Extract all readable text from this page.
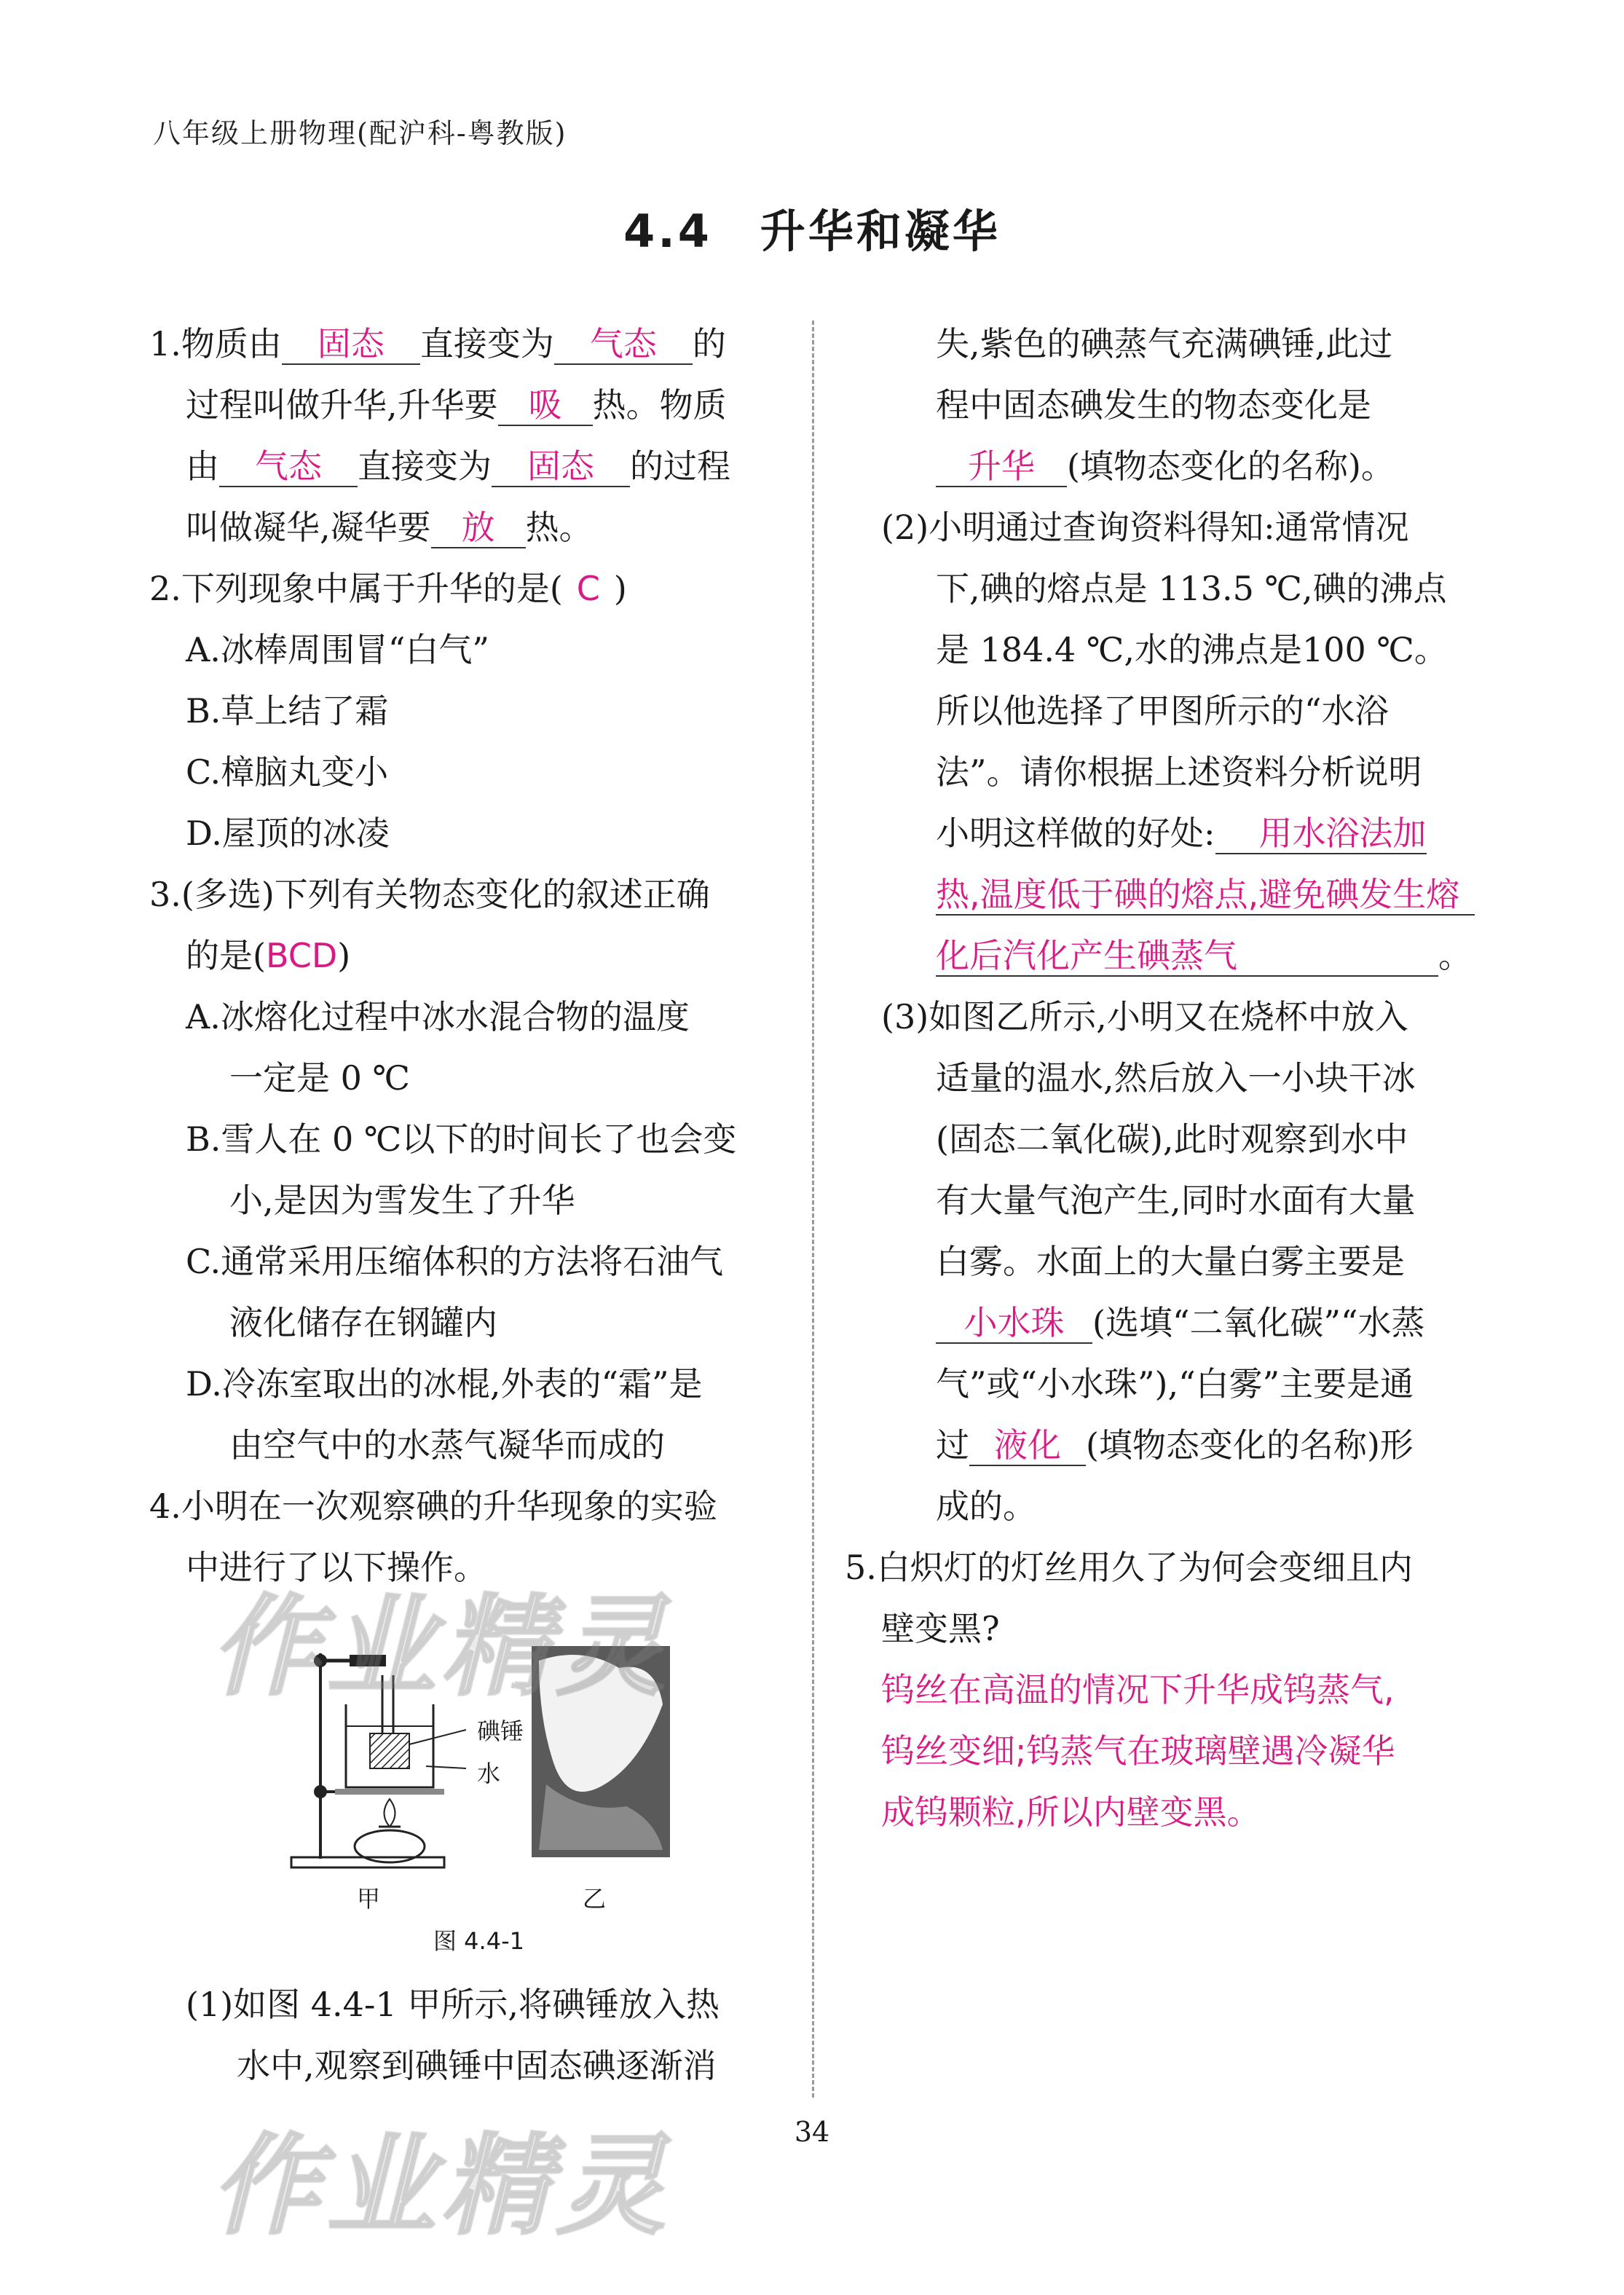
八年级上册物理(配沪科-粤教版)
4.4　升华和凝华
1.物质由 固态 直接变为 气态 的
过程叫做升华,升华要 吸 热。物质
由 气态 直接变为 固态 的过程
叫做凝华,凝华要 放 热。
2.下列现象中属于升华的是( C )
A.冰棒周围冒“白气”
B.草上结了霜
C.樟脑丸变小
D.屋顶的冰凌
3.(多选)下列有关物态变化的叙述正确
的是(BCD)
A.冰熔化过程中冰水混合物的温度
一定是 0 ℃
B.雪人在 0 ℃以下的时间长了也会变
小,是因为雪发生了升华
C.通常采用压缩体积的方法将石油气
液化储存在钢罐内
D.冷冻室取出的冰棍,外表的“霜”是
由空气中的水蒸气凝华而成的
4.小明在一次观察碘的升华现象的实验
中进行了以下操作。
碘锤
水
甲	乙
图 4.4-1
(1)如图 4.4-1 甲所示,将碘锤放入热
水中,观察到碘锤中固态碘逐渐消
失,紫色的碘蒸气充满碘锤,此过
程中固态碘发生的物态变化是
升华 (填物态变化的名称)。
(2)小明通过查询资料得知:通常情况
下,碘的熔点是 113.5 ℃,碘的沸点
是 184.4 ℃,水的沸点是100 ℃。
所以他选择了甲图所示的“水浴
法”。请你根据上述资料分析说明
小明这样做的好处: 用水浴法加
热,温度低于碘的熔点,避免碘发生熔
化后汽化产生碘蒸气	。
(3)如图乙所示,小明又在烧杯中放入
适量的温水,然后放入一小块干冰
(固态二氧化碳),此时观察到水中
有大量气泡产生,同时水面有大量
白雾。水面上的大量白雾主要是
小水珠 (选填“二氧化碳”“水蒸
气”或“小水珠”),“白雾”主要是通
过 液化 (填物态变化的名称)形
成的。
5.白炽灯的灯丝用久了为何会变细且内
壁变黑?
钨丝在高温的情况下升华成钨蒸气,
钨丝变细;钨蒸气在玻璃壁遇冷凝华
成钨颗粒,所以内壁变黑。
作业精灵
作业精灵	34
